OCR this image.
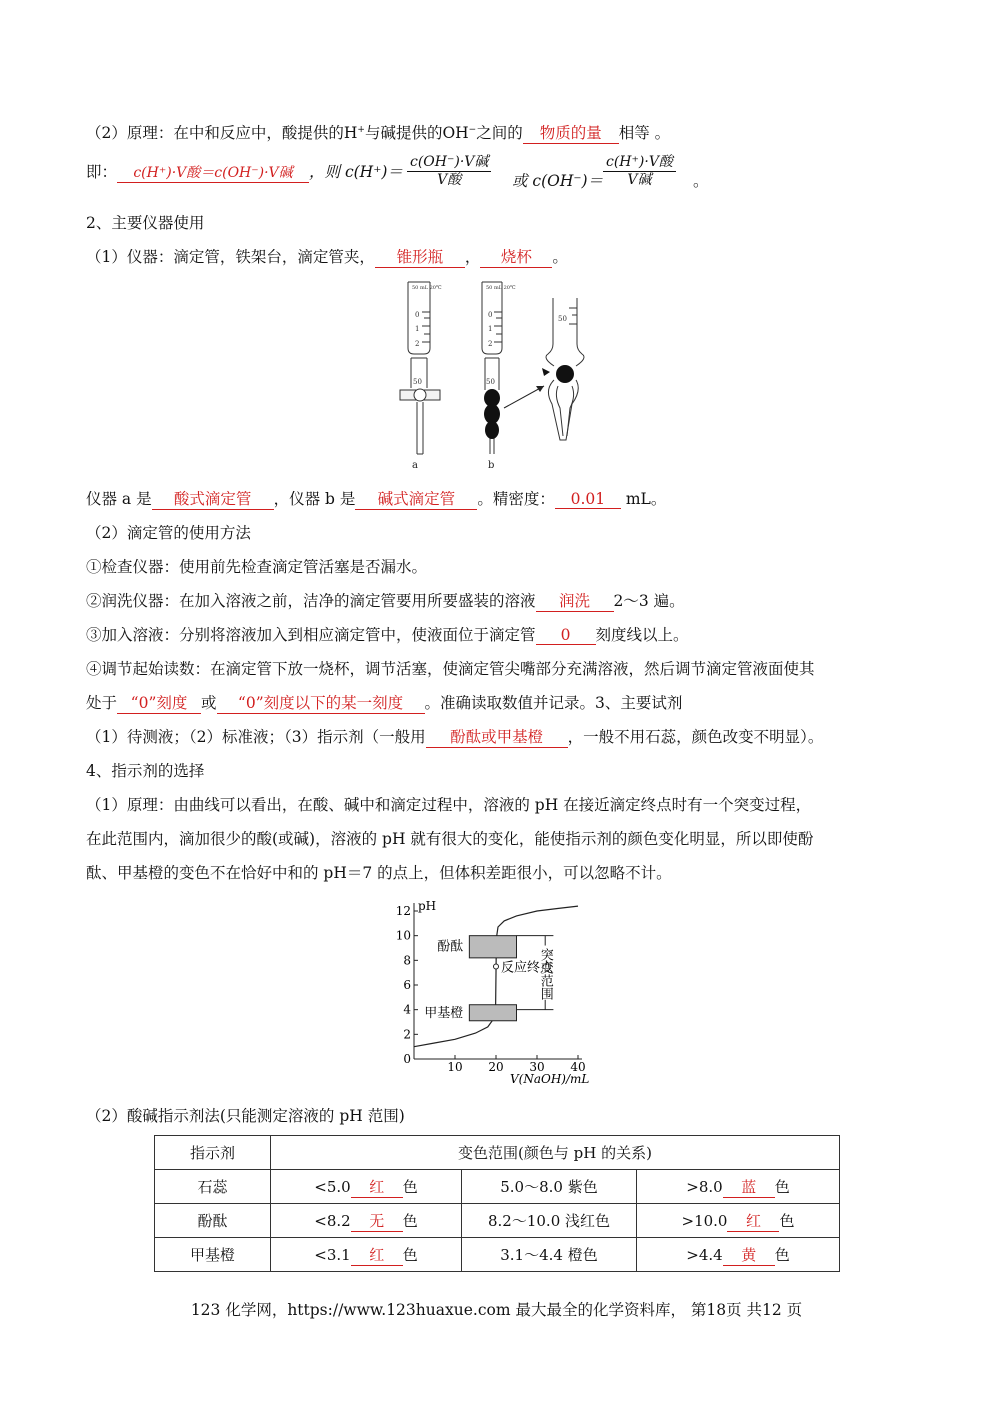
（2）原理：在中和反应中，酸提供的H+与碱提供的OH−之间的 物质的量 相等 。
即： c(H⁺)·V酸＝c(OH⁻)·V碱 ，则 c(H⁺)＝
c(OH⁻)·V碱
V酸	或 c(OH⁻)＝
c(H⁺)·V酸
V碱	。
2、主要仪器使用
（1）仪器：滴定管，铁架台，滴定管夹， 锥形瓶 ， 烧杯 。
50 mL 20℃
0
1
2
50
a
50 mL 20℃
0
1
2
50
b
50
仪器 a 是 酸式滴定管 ，仪器 b 是 碱式滴定管 。精密度： 0.01 mL。
（2）滴定管的使用方法
①检查仪器：使用前先检查滴定管活塞是否漏水。
②润洗仪器：在加入溶液之前，洁净的滴定管要用所要盛装的溶液 润洗 2～3 遍。
③加入溶液：分别将溶液加入到相应滴定管中，使液面位于滴定管 0 刻度线以上。
④调节起始读数：在滴定管下放一烧杯，调节活塞，使滴定管尖嘴部分充满溶液，然后调节滴定管液面使其
处于 “0”刻度 或 “0”刻度以下的某一刻度 。准确读取数值并记录。3、主要试剂
（1）待测液；（2）标准液；（3）指示剂（一般用 酚酞或甲基橙 ，一般不用石蕊，颜色改变不明显）。
4、指示剂的选择
（1）原理：由曲线可以看出，在酸、碱中和滴定过程中，溶液的 pH 在接近滴定终点时有一个突变过程，
在此范围内，滴加很少的酸(或碱)，溶液的 pH 就有很大的变化，能使指示剂的颜色变化明显，所以即使酚
酞、甲基橙的变色不在恰好中和的 pH＝7 的点上，但体积差距很小，可以忽略不计。
pH
V(NaOH)/mL
0
2
4
6
8
10
12
10 20 30 40
酚酞
甲基橙
反应终点
突变范围
（2）酸碱指示剂法(只能测定溶液的 pH 范围)
指示剂	变色范围(颜色与 pH 的关系)		
石蕊	<5.0 红 色	5.0～8.0 紫色	>8.0 蓝 色
酚酞	<8.2 无 色	8.2～10.0 浅红色	>10.0 红 色
甲基橙	<3.1 红 色	3.1～4.4 橙色	>4.4 黄 色
123 化学网，https://www.123huaxue.com 最大最全的化学资料库， 第18页 共12 页
